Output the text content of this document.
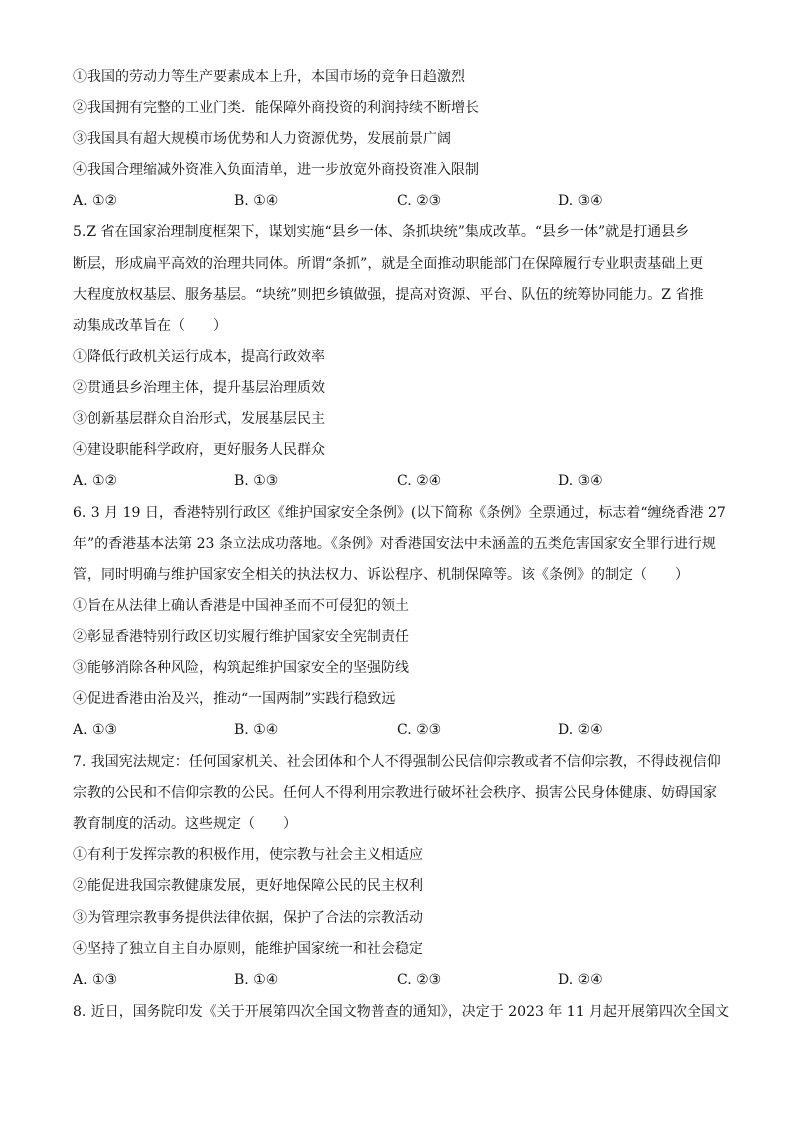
①我国的劳动力等生产要素成本上升，本国市场的竞争日趋激烈
②我国拥有完整的工业门类．能保障外商投资的利润持续不断增长
③我国具有超大规模市场优势和人力资源优势，发展前景广阔
④我国合理缩减外资准入负面清单，进一步放宽外商投资准入限制
A. ①②	B. ①④	C. ②③	D. ③④
5.Z 省在国家治理制度框架下，谋划实施“县乡一体、条抓块统”集成改革。“县乡一体”就是打通县乡
断层，形成扁平高效的治理共同体。所谓“条抓”，就是全面推动职能部门在保障履行专业职责基础上更
大程度放权基层、服务基层。“块统”则把乡镇做强，提高对资源、平台、队伍的统筹协同能力。Z 省推
动集成改革旨在（　　）
①降低行政机关运行成本，提高行政效率
②贯通县乡治理主体，提升基层治理质效
③创新基层群众自治形式，发展基层民主
④建设职能科学政府，更好服务人民群众
A. ①②	B. ①③	C. ②④	D. ③④
6. 3 月 19 日，香港特别行政区《维护国家安全条例》(以下简称《条例》全票通过，标志着“缠绕香港 27
年”的香港基本法第 23 条立法成功落地。《条例》对香港国安法中未涵盖的五类危害国家安全罪行进行规
管，同时明确与维护国家安全相关的执法权力、诉讼程序、机制保障等。该《条例》的制定（　　）
①旨在从法律上确认香港是中国神圣而不可侵犯的领土
②彰显香港特别行政区切实履行维护国家安全宪制责任
③能够消除各种风险，构筑起维护国家安全的坚强防线
④促进香港由治及兴，推动“一国两制”实践行稳致远
A. ①③	B. ①④	C. ②③	D. ②④
7. 我国宪法规定：任何国家机关、社会团体和个人不得强制公民信仰宗教或者不信仰宗教，不得歧视信仰
宗教的公民和不信仰宗教的公民。任何人不得利用宗教进行破坏社会秩序、损害公民身体健康、妨碍国家
教育制度的活动。这些规定（　　）
①有利于发挥宗教的积极作用，使宗教与社会主义相适应
②能促进我国宗教健康发展，更好地保障公民的民主权利
③为管理宗教事务提供法律依据，保护了合法的宗教活动
④坚持了独立自主自办原则，能维护国家统一和社会稳定
A. ①③	B. ①④	C. ②③	D. ②④
8. 近日，国务院印发《关于开展第四次全国文物普查的通知》，决定于 2023 年 11 月起开展第四次全国文
